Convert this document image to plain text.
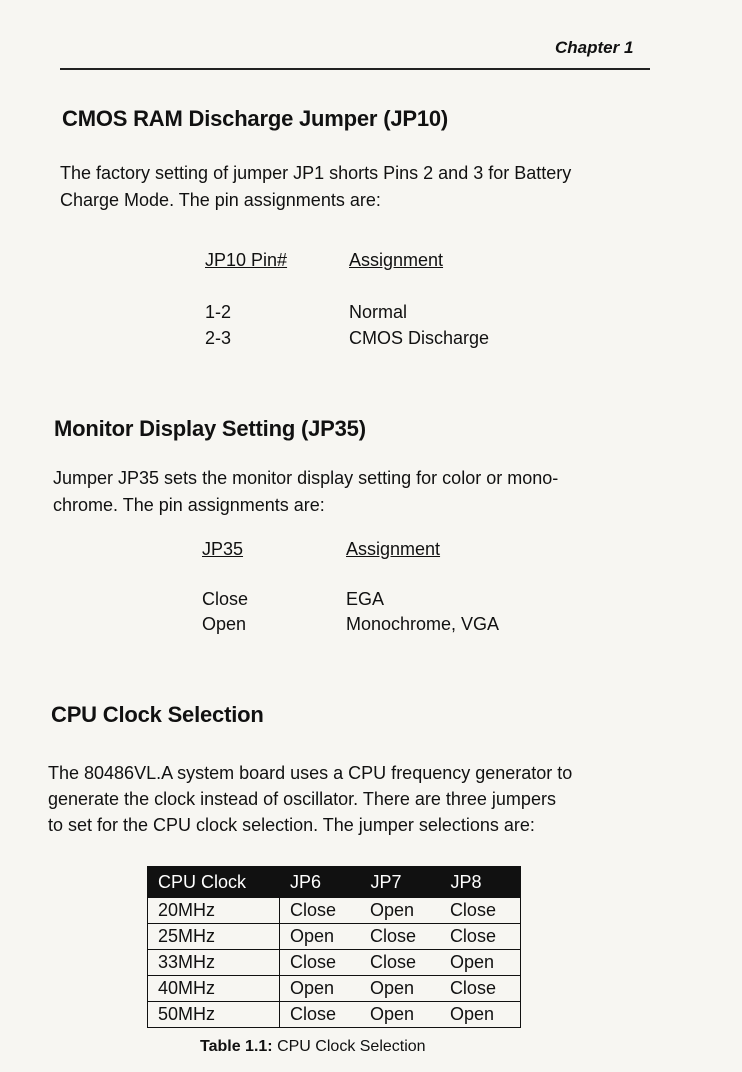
Chapter 1
CMOS RAM Discharge Jumper (JP10)
The factory setting of jumper JP1 shorts Pins 2 and 3 for Battery
Charge Mode. The pin assignments are:
JP10 Pin#	Assignment
1-2	Normal
2-3	CMOS Discharge
Monitor Display Setting (JP35)
Jumper JP35 sets the monitor display setting for color or mono-
chrome. The pin assignments are:
JP35	Assignment
Close	EGA
Open	Monochrome, VGA
CPU Clock Selection
The 80486VL.A system board uses a CPU frequency generator to
generate the clock instead of oscillator. There are three jumpers
to set for the CPU clock selection. The jumper selections are:
CPU Clock	JP6	JP7	JP8
20MHz	Close	Open	Close
25MHz	Open	Close	Close
33MHz	Close	Close	Open
40MHz	Open	Open	Close
50MHz	Close	Open	Open
Table 1.1: CPU Clock Selection
